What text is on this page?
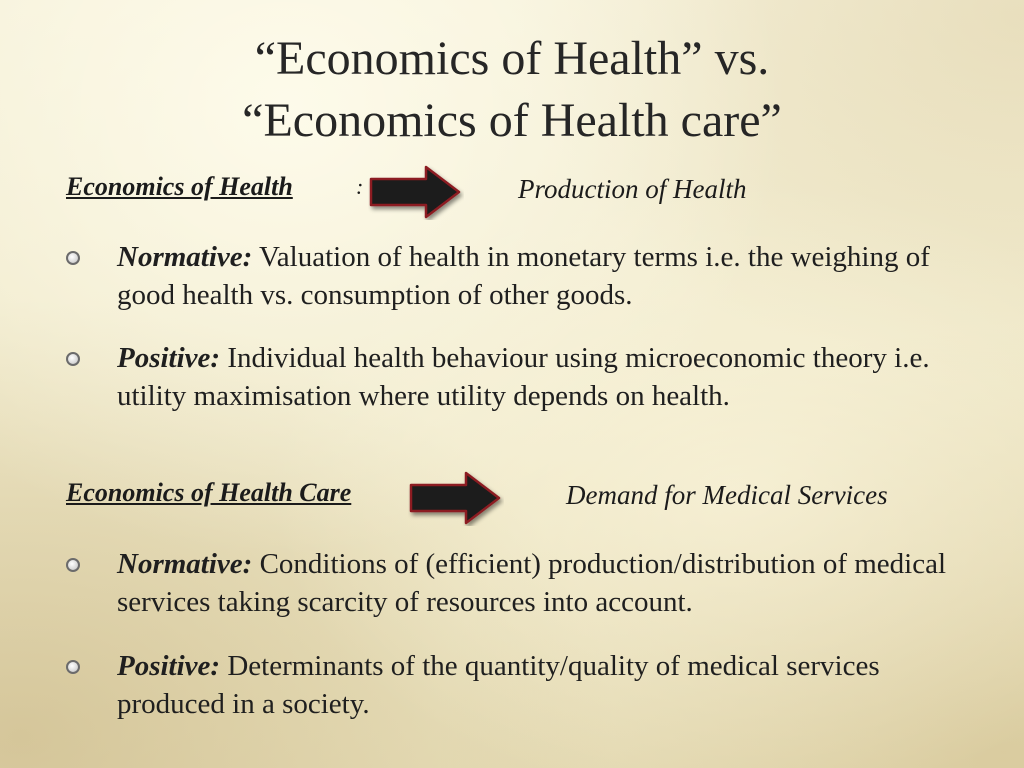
“Economics of Health” vs.
“Economics of Health care”
Economics of Health	:	Production of Health
Normative: Valuation of health in monetary terms i.e. the weighing of good health vs. consumption of other goods.
Positive: Individual health behaviour using microeconomic theory i.e. utility maximisation where utility depends on health.
Economics of Health Care	Demand for Medical Services
Normative: Conditions of (efficient) production/distribution of medical services taking scarcity of resources into account.
Positive: Determinants of the quantity/quality of medical services produced in a society.
